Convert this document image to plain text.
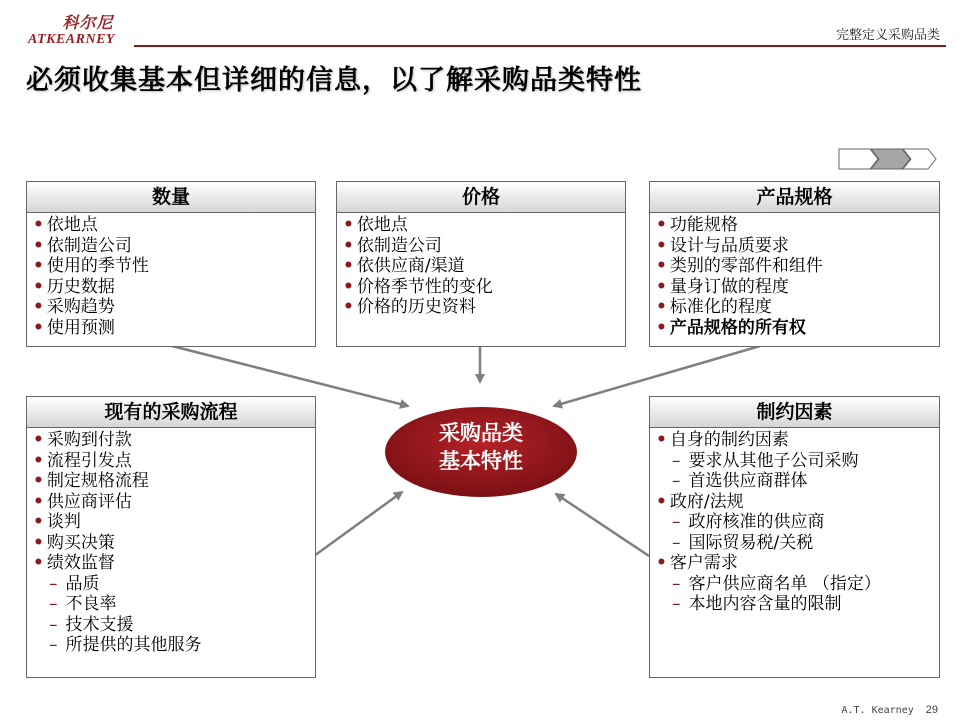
科尔尼
ATKEARNEY	完整定义采购品类
必须收集基本但详细的信息，以了解采购品类特性
采购品类
基本特性
数量
• 依地点
• 依制造公司
• 使用的季节性
• 历史数据
• 采购趋势
• 使用预测
价格
• 依地点
• 依制造公司
• 依供应商/渠道
• 价格季节性的变化
• 价格的历史资料
产品规格
• 功能规格
• 设计与品质要求
• 类别的零部件和组件
• 量身订做的程度
• 标准化的程度
• 产品规格的所有权
现有的采购流程
• 采购到付款
• 流程引发点
• 制定规格流程
• 供应商评估
• 谈判
• 购买决策
• 绩效监督
– 品质
– 不良率
– 技术支援
– 所提供的其他服务
制约因素
• 自身的制约因素
– 要求从其他子公司采购
– 首选供应商群体
• 政府/法规
– 政府核准的供应商
– 国际贸易税/关税
• 客户需求
– 客户供应商名单 （指定）
– 本地内容含量的限制
A.T. Kearney 29
